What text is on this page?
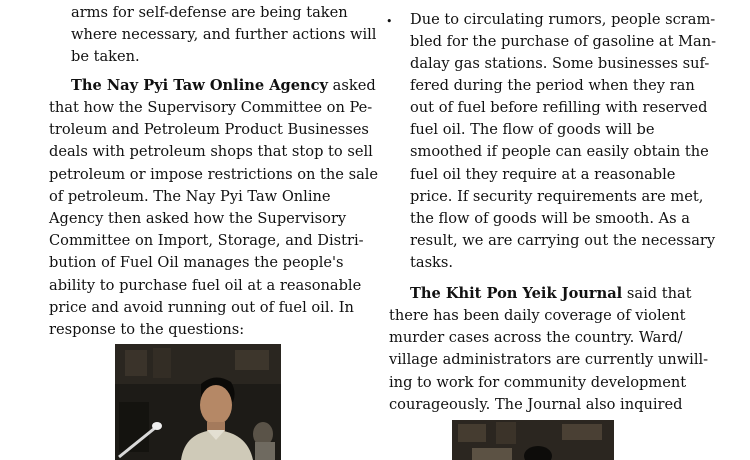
arms for self-defense are being taken

where necessary, and further actions will

be taken.

The Nay Pyi Taw Online Agency asked

that how the Supervisory Committee on Pe-

troleum and Petroleum Product Businesses

deals with petroleum shops that stop to sell

petroleum or impose restrictions on the sale

of petroleum. The Nay Pyi Taw Online

Agency then asked how the Supervisory

Committee on Import, Storage, and Distri-

bution of Fuel Oil manages the people's

ability to purchase fuel oil at a reasonable

price and avoid running out of fuel oil. In

response to the questions:

• Due to circulating rumors, people scram-

bled for the purchase of gasoline at Man-

dalay gas stations. Some businesses suf-

fered during the period when they ran

out of fuel before refilling with reserved

fuel oil. The flow of goods will be

smoothed if people can easily obtain the

fuel oil they require at a reasonable

price. If security requirements are met,

the flow of goods will be smooth. As a

result, we are carrying out the necessary

tasks.

The Khit Pon Yeik Journal said that

there has been daily coverage of violent

murder cases across the country. Ward/

village administrators are currently unwill-

ing to work for community development

courageously. The Journal also inquired
